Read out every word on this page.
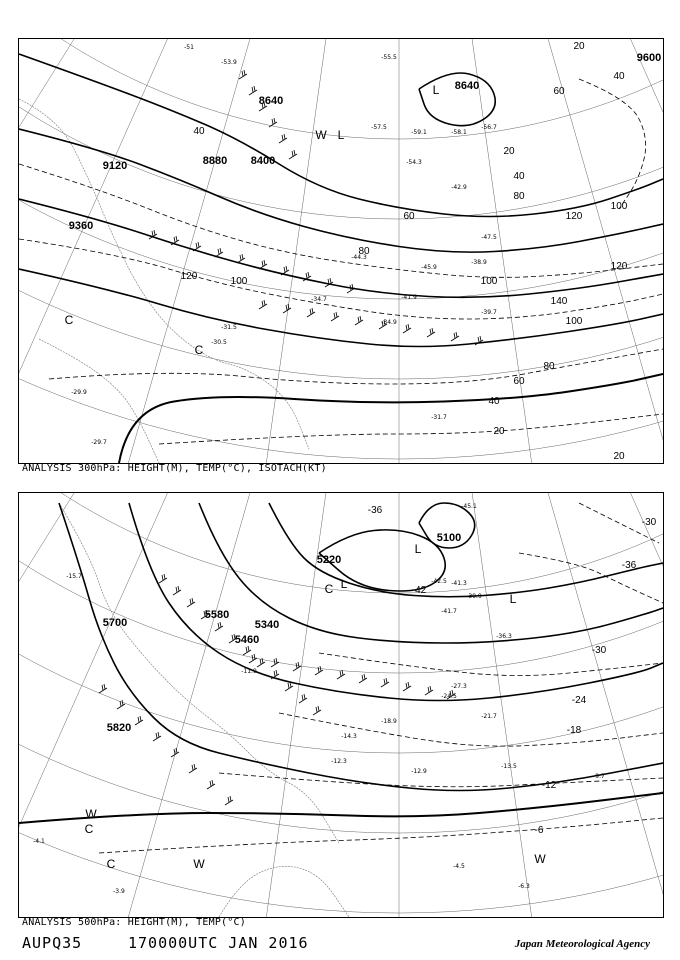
8640
8640
8400
8880
9120
9360
9600
20
40
60
80
100
120
120
100
120
140
100
80
60
40
20
20
60
40
20
40
80
100
-51
-53.9
-55.5
-58.1
-57.5
-59.1
-56.7
-54.3
-42.9
-45.9
-44.3
-31.5
-30.5
-34.7	-41.9
-34.9
-39.7
-31.7
-29.9
-29.7
-38.9
-47.5
L
L
W
C
C
ANALYSIS 300hPa: HEIGHT(M), TEMP(°C), ISOTACH(KT)
5100
5220
5340
5460
5580
5700
5820
-36
-30
-36
-42
-30
-24
-18
-12
-6
-45.1
-42.5 -41.3
-39.9
-41.7
-36.3
-27.3
-24.5
-21.7
-14.3
-12.9
-13.5
-9.7
-18.9
-12.3
-4.5
-6.3
-3.9
-4.1
-15.7
-11.9
L
L
L
C
C	W	W
W
C
ANALYSIS 500hPa: HEIGHT(M), TEMP(°C)
AUPQ35	170000UTC JAN 2016	Japan Meteorological Agency
